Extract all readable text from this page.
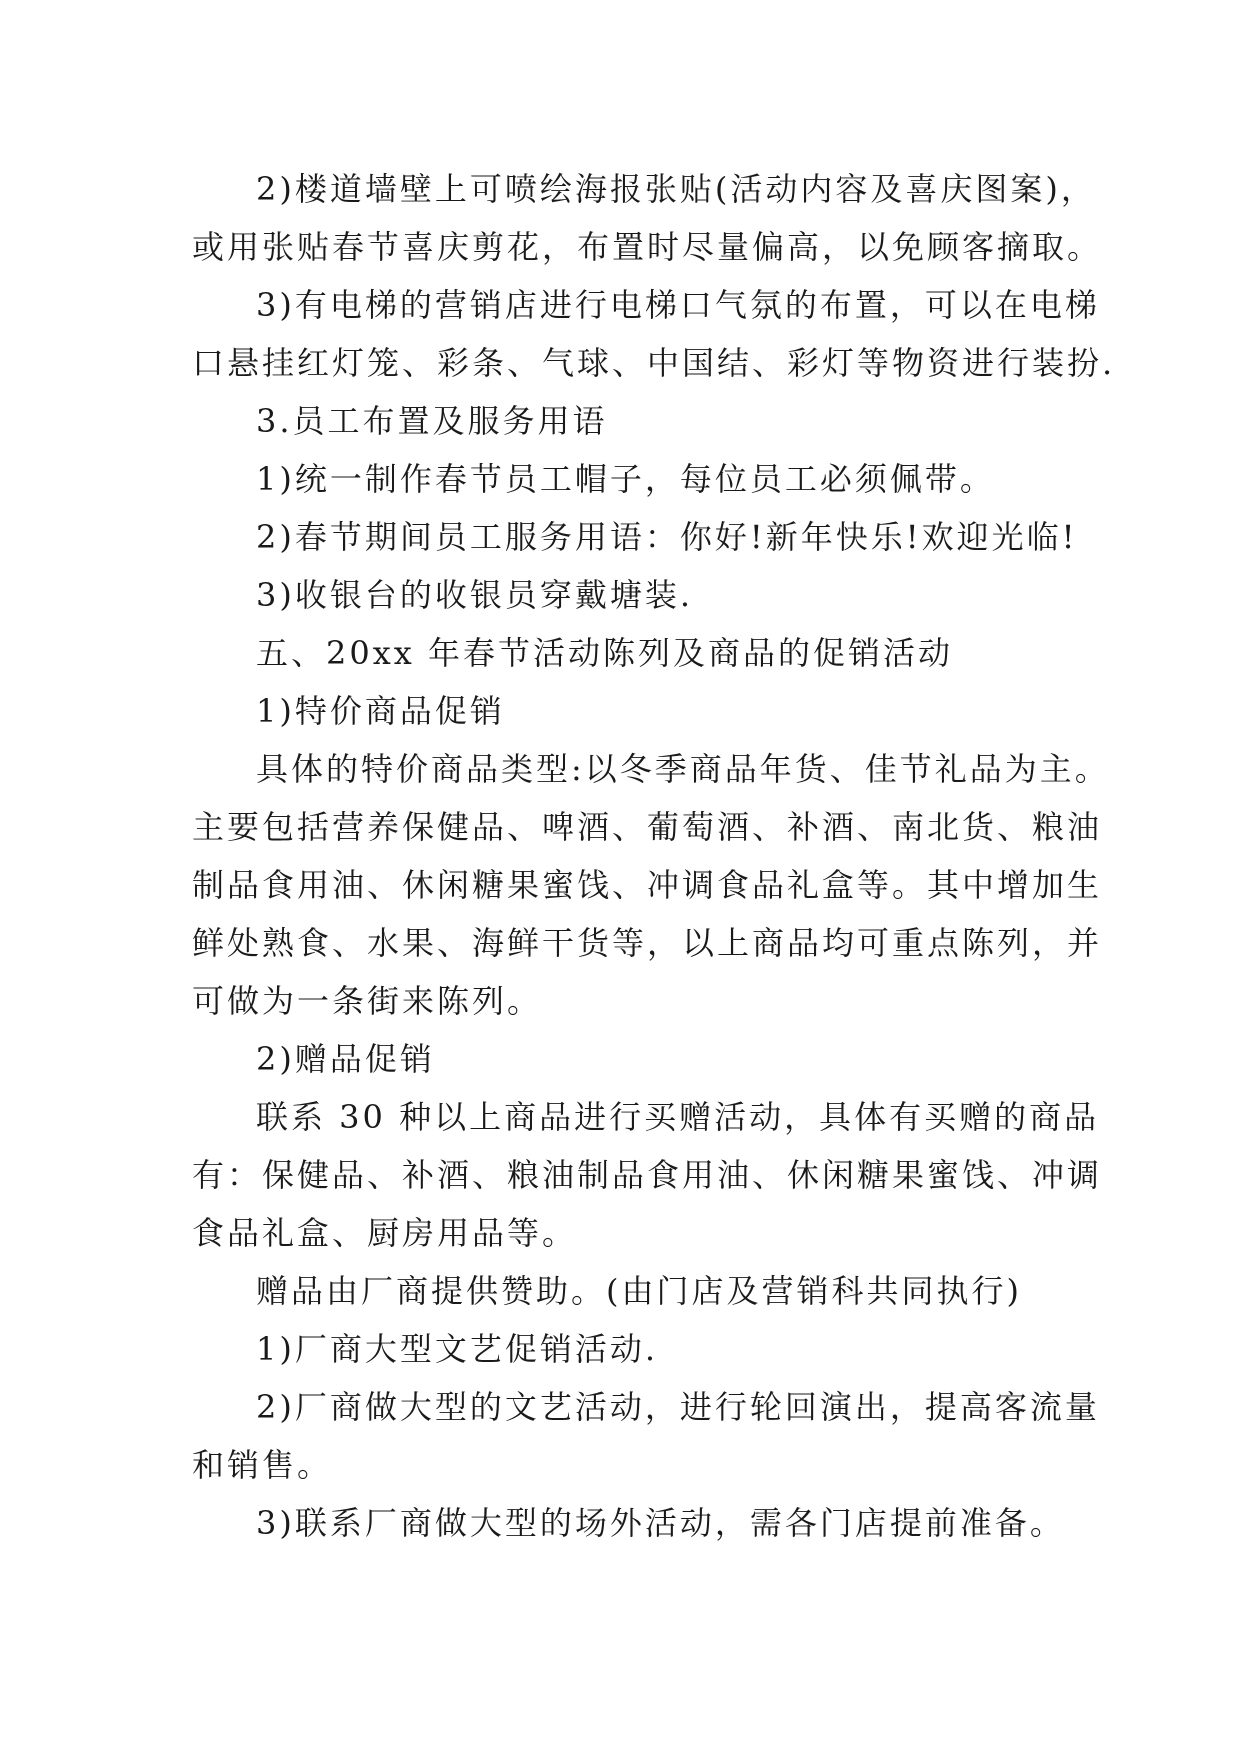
2)楼道墙壁上可喷绘海报张贴(活动内容及喜庆图案)，
或用张贴春节喜庆剪花，布置时尽量偏高，以免顾客摘取。
3)有电梯的营销店进行电梯口气氛的布置，可以在电梯
口悬挂红灯笼、彩条、气球、中国结、彩灯等物资进行装扮.
3.员工布置及服务用语
1)统一制作春节员工帽子，每位员工必须佩带。
2)春节期间员工服务用语：你好!新年快乐!欢迎光临!
3)收银台的收银员穿戴塘装.
五、20xx 年春节活动陈列及商品的促销活动
1)特价商品促销
具体的特价商品类型:以冬季商品年货、佳节礼品为主。
主要包括营养保健品、啤酒、葡萄酒、补酒、南北货、粮油
制品食用油、休闲糖果蜜饯、冲调食品礼盒等。其中增加生
鲜处熟食、水果、海鲜干货等，以上商品均可重点陈列，并
可做为一条街来陈列。
2)赠品促销
联系 30 种以上商品进行买赠活动，具体有买赠的商品
有：保健品、补酒、粮油制品食用油、休闲糖果蜜饯、冲调
食品礼盒、厨房用品等。
赠品由厂商提供赞助。(由门店及营销科共同执行)
1)厂商大型文艺促销活动.
2)厂商做大型的文艺活动，进行轮回演出，提高客流量
和销售。
3)联系厂商做大型的场外活动，需各门店提前准备。
